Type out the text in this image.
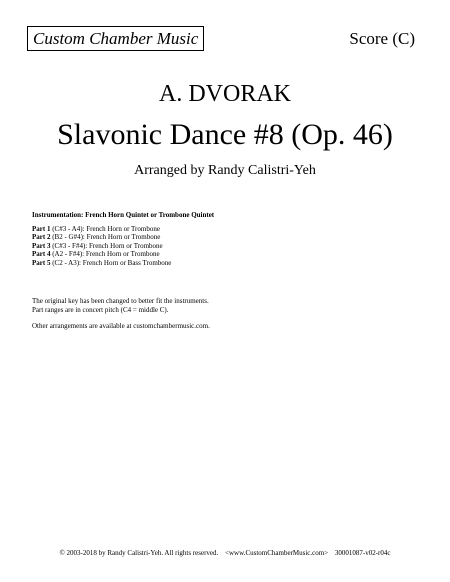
Custom Chamber Music	Score (C)
A. DVORAK
Slavonic Dance #8 (Op. 46)
Arranged by Randy Calistri-Yeh
Instrumentation: French Horn Quintet or Trombone Quintet
Part 1 (C#3 - A4): French Horn or Trombone
Part 2 (B2 - G#4): French Horn or Trombone
Part 3 (C#3 - F#4): French Horn or Trombone
Part 4 (A2 - F#4): French Horn or Trombone
Part 5 (C2 - A3): French Horn or Bass Trombone
The original key has been changed to better fit the instruments.
Part ranges are in concert pitch (C4 = middle C).
Other arrangements are available at customchambermusic.com.
© 2003-2018 by Randy Calistri-Yeh. All rights reserved. <www.CustomChamberMusic.com> 30001087-v02-r04c
